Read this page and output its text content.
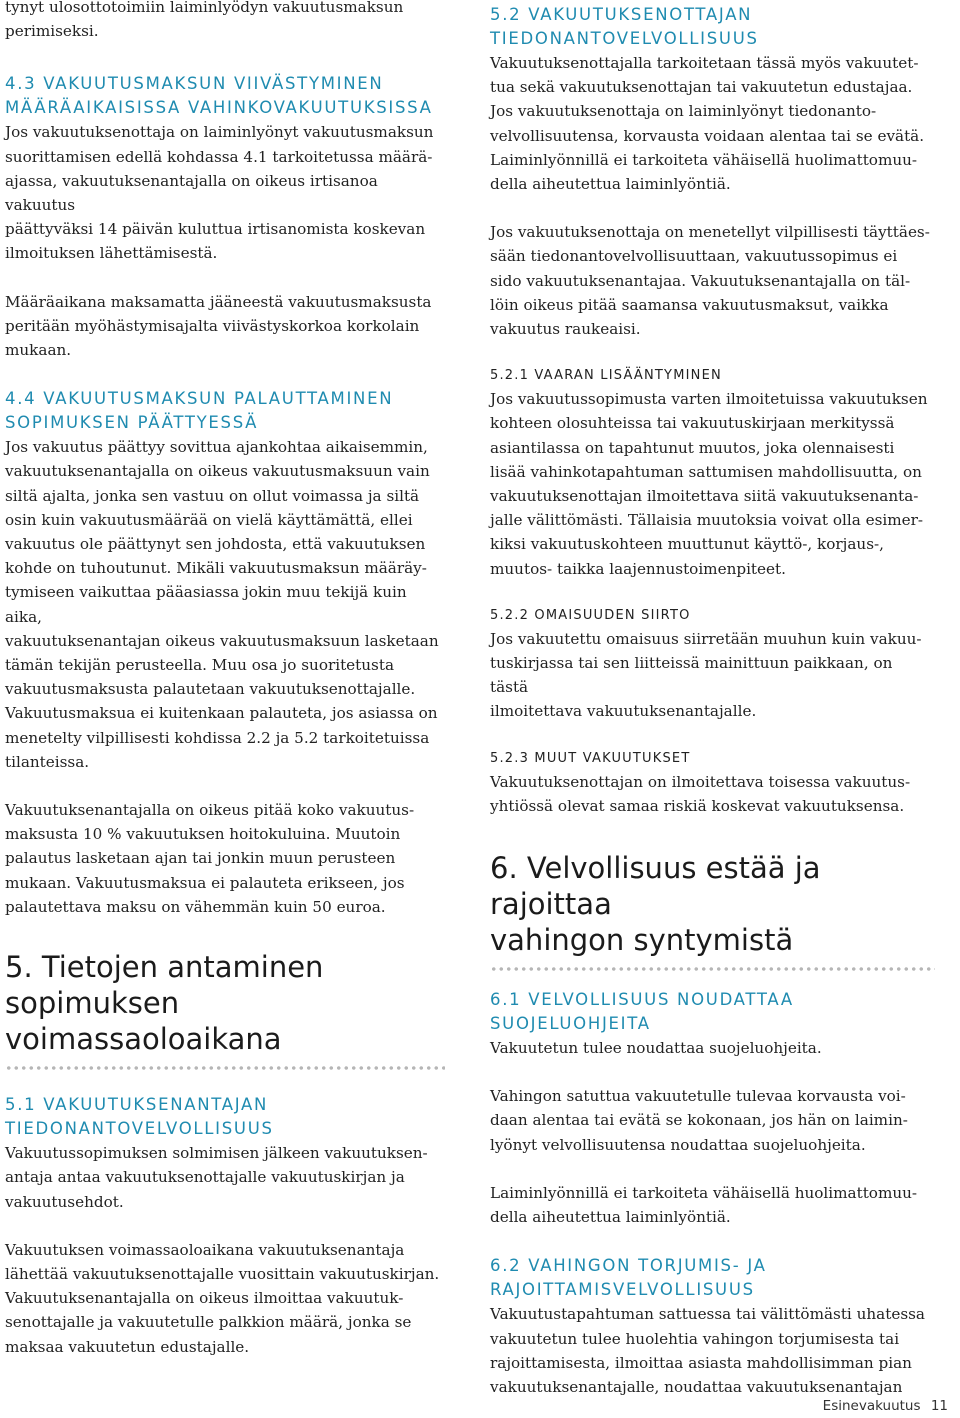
tynyt ulosottotoimiin laiminlyödyn vakuutusmaksun
perimiseksi.

4.3 VAKUUTUSMAKSUN VIIVÄSTYMINEN
MÄÄRÄAIKAISISSA VAHINKOVAKUUTUKSISSA

Jos vakuutuksenottaja on laiminlyönyt vakuutusmaksun
suorittamisen edellä kohdassa 4.1 tarkoitetussa määrä-
ajassa, vakuutuksenantajalla on oikeus irtisanoa vakuutus
päättyväksi 14 päivän kuluttua irtisanomista koskevan
ilmoituksen lähettämisestä.

Määräaikana maksamatta jääneestä vakuutusmaksusta
peritään myöhästymisajalta viivästyskorkoa korkolain
mukaan.

4.4 VAKUUTUSMAKSUN PALAUTTAMINEN
SOPIMUKSEN PÄÄTTYESSÄ

Jos vakuutus päättyy sovittua ajankohtaa aikaisemmin,
vakuutuksenantajalla on oikeus vakuutusmaksuun vain
siltä ajalta, jonka sen vastuu on ollut voimassa ja siltä
osin kuin vakuutusmäärää on vielä käyttämättä, ellei
vakuutus ole päättynyt sen johdosta, että vakuutuksen
kohde on tuhoutunut. Mikäli vakuutusmaksun määräy-
tymiseen vaikuttaa pääasiassa jokin muu tekijä kuin aika,
vakuutuksenantajan oikeus vakuutusmaksuun lasketaan
tämän tekijän perusteella. Muu osa jo suoritetusta
vakuutusmaksusta palautetaan vakuutuksenottajalle.
Vakuutusmaksua ei kuitenkaan palauteta, jos asiassa on
menetelty vilpillisesti kohdissa 2.2 ja 5.2 tarkoitetuissa
tilanteissa.

Vakuutuksenantajalla on oikeus pitää koko vakuutus-
maksusta 10 % vakuutuksen hoitokuluina. Muutoin
palautus lasketaan ajan tai jonkin muun perusteen
mukaan. Vakuutusmaksua ei palauteta erikseen, jos
palautettava maksu on vähemmän kuin 50 euroa.

5. Tietojen antaminen
sopimuksen voimassaoloaikana
5.1 VAKUUTUKSENANTAJAN
TIEDONANTOVELVOLLISUUS

Vakuutussopimuksen solmimisen jälkeen vakuutuksen-
antaja antaa vakuutuksenottajalle vakuutuskirjan ja
vakuutusehdot.

Vakuutuksen voimassaoloaikana vakuutuksenantaja
lähettää vakuutuksenottajalle vuosittain vakuutuskirjan.
Vakuutuksenantajalla on oikeus ilmoittaa vakuutuk-
senottajalle ja vakuutetulle palkkion määrä, jonka se
maksaa vakuutetun edustajalle.

5.2 VAKUUTUKSENOTTAJAN
TIEDONANTOVELVOLLISUUS

Vakuutuksenottajalla tarkoitetaan tässä myös vakuutet-
tua sekä vakuutuksenottajan tai vakuutetun edustajaa.
Jos vakuutuksenottaja on laiminlyönyt tiedonanto-
velvollisuutensa, korvausta voidaan alentaa tai se evätä.
Laiminlyönnillä ei tarkoiteta vähäisellä huolimattomuu-
della aiheutettua laiminlyöntiä.

Jos vakuutuksenottaja on menetellyt vilpillisesti täyttäes-
sään tiedonantovelvollisuuttaan, vakuutussopimus ei
sido vakuutuksenantajaa. Vakuutuksenantajalla on täl-
löin oikeus pitää saamansa vakuutusmaksut, vaikka
vakuutus raukeaisi.

5.2.1 VAARAN LISÄÄNTYMINEN

Jos vakuutussopimusta varten ilmoitetuissa vakuutuksen
kohteen olosuhteissa tai vakuutuskirjaan merkityssä
asiantilassa on tapahtunut muutos, joka olennaisesti
lisää vahinkotapahtuman sattumisen mahdollisuutta, on
vakuutuksenottajan ilmoitettava siitä vakuutuksenanta-
jalle välittömästi. Tällaisia muutoksia voivat olla esimer-
kiksi vakuutuskohteen muuttunut käyttö-, korjaus-,
muutos- taikka laajennustoimenpiteet.

5.2.2 OMAISUUDEN SIIRTO

Jos vakuutettu omaisuus siirretään muuhun kuin vakuu-
tuskirjassa tai sen liitteissä mainittuun paikkaan, on tästä
ilmoitettava vakuutuksenantajalle.

5.2.3 MUUT VAKUUTUKSET

Vakuutuksenottajan on ilmoitettava toisessa vakuutus-
yhtiössä olevat samaa riskiä koskevat vakuutuksensa.

6. Velvollisuus estää ja rajoittaa
vahingon syntymistä
6.1 VELVOLLISUUS NOUDATTAA
SUOJELUOHJEITA

Vakuutetun tulee noudattaa suojeluohjeita.

Vahingon satuttua vakuutetulle tulevaa korvausta voi-
daan alentaa tai evätä se kokonaan, jos hän on laimin-
lyönyt velvollisuutensa noudattaa suojeluohjeita.

Laiminlyönnillä ei tarkoiteta vähäisellä huolimattomuu-
della aiheutettua laiminlyöntiä.

6.2 VAHINGON TORJUMIS- JA
RAJOITTAMISVELVOLLISUUS

Vakuutustapahtuman sattuessa tai välittömästi uhatessa
vakuutetun tulee huolehtia vahingon torjumisesta tai
rajoittamisesta, ilmoittaa asiasta mahdollisimman pian
vakuutuksenantajalle, noudattaa vakuutuksenantajan

Esinevakuutus 11
